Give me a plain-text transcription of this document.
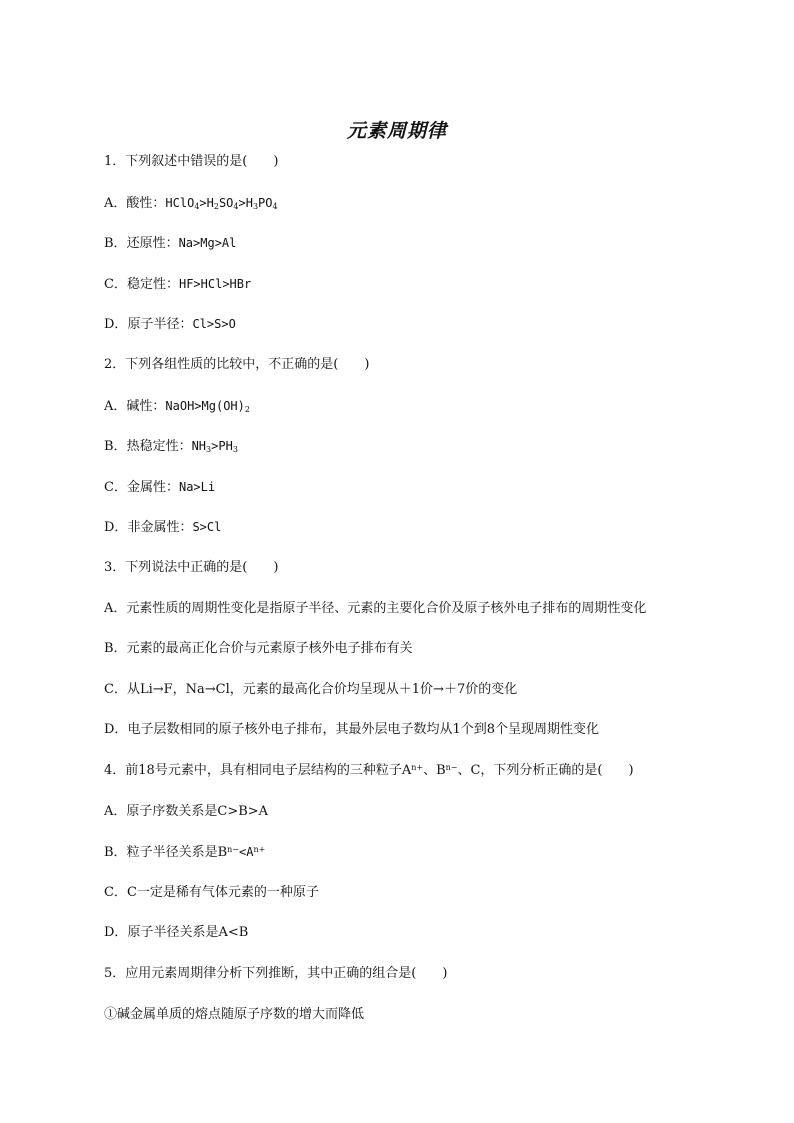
元素周期律
1．下列叙述中错误的是(　　)
A．酸性：$HClO_4>H_2SO_4>H_3PO_4$
B．还原性：Na>Mg>Al
C．稳定性：HF>HCl>HBr
D．原子半径：Cl>S>O
2．下列各组性质的比较中，不正确的是(　　)
A．碱性：$NaOH>Mg(OH)_2$
B．热稳定性：$NH_3>PH_3$
C．金属性：Na>Li
D．非金属性：S>Cl
3．下列说法中正确的是(　　)
A．元素性质的周期性变化是指原子半径、元素的主要化合价及原子核外电子排布的周期性变化
B．元素的最高正化合价与元素原子核外电子排布有关
C．从Li→F，Na→Cl，元素的最高化合价均呈现从＋1价→＋7价的变化
D．电子层数相同的原子核外电子排布，其最外层电子数均从1个到8个呈现周期性变化
4．前18号元素中，具有相同电子层结构的三种粒子$A^{n+}$、$B^{n-}$、C，下列分析正确的是(　　)
A．原子序数关系是C>B>A
B．粒子半径关系是$B^{n-}<A^{n+}$
C．C一定是稀有气体元素的一种原子
D．原子半径关系是A<B
5．应用元素周期律分析下列推断，其中正确的组合是(　　)
①碱金属单质的熔点随原子序数的增大而降低
